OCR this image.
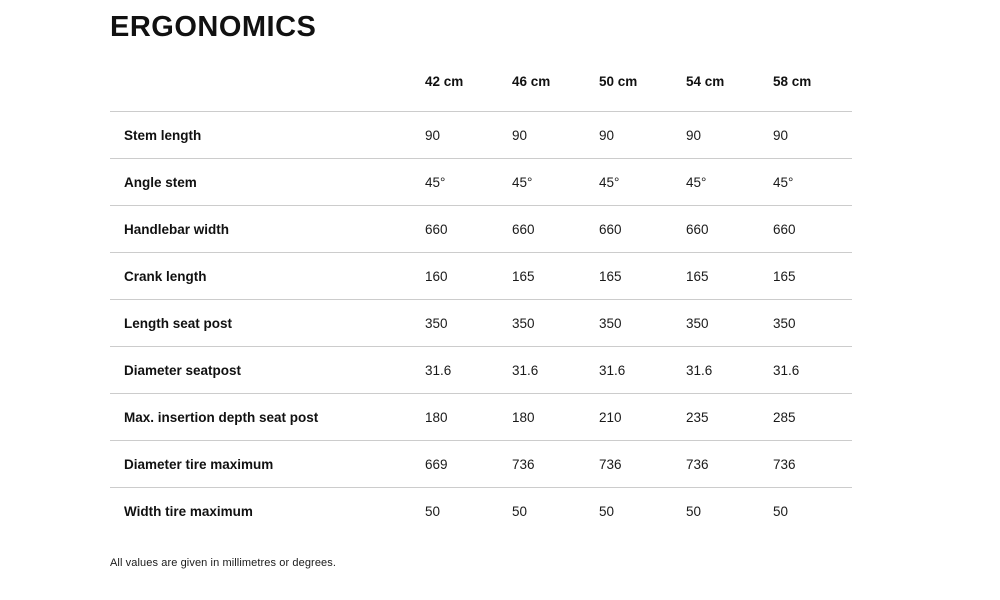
ERGONOMICS
	42 cm	46 cm	50 cm	54 cm	58 cm
Stem length	90	90	90	90	90
Angle stem	45°	45°	45°	45°	45°
Handlebar width	660	660	660	660	660
Crank length	160	165	165	165	165
Length seat post	350	350	350	350	350
Diameter seatpost	31.6	31.6	31.6	31.6	31.6
Max. insertion depth seat post	180	180	210	235	285
Diameter tire maximum	669	736	736	736	736
Width tire maximum	50	50	50	50	50
All values are given in millimetres or degrees.
